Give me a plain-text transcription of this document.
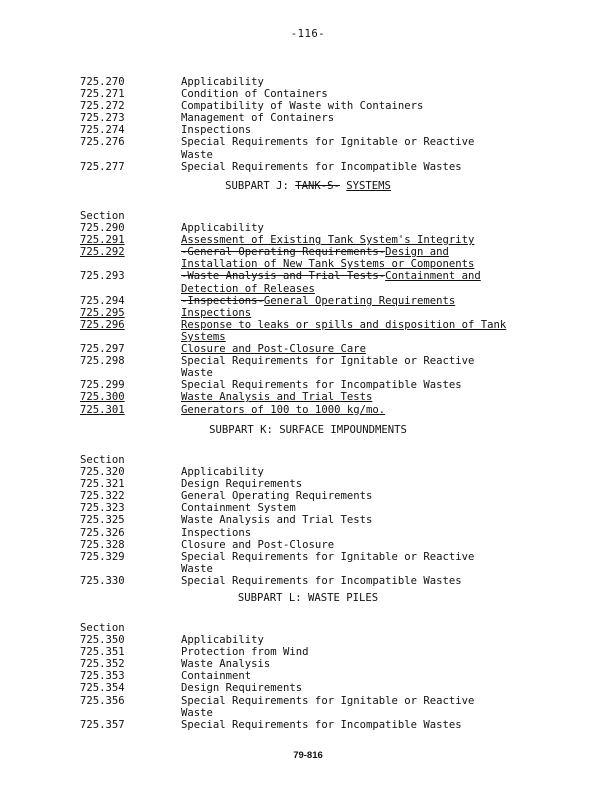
-116-
725.270	Applicability
725.271	Condition of Containers
725.272	Compatibility of Waste with Containers
725.273	Management of Containers
725.274	Inspections
725.276	Special Requirements for Ignitable or Reactive
Waste
725.277	Special Requirements for Incompatible Wastes
SUBPART J: TANK-S- SYSTEMS
Section
725.290	Applicability
725.291	Assessment of Existing Tank System's Integrity
725.292	-General Operating Requirements-Design and
Installation of New Tank Systems or Components
725.293	-Waste Analysis and Trial Tests-Containment and
Detection of Releases
725.294	-Inspections-General Operating Requirements
725.295	Inspections
725.296	Response to leaks or spills and disposition of Tank
Systems
725.297	Closure and Post-Closure Care
725.298	Special Requirements for Ignitable or Reactive
Waste
725.299	Special Requirements for Incompatible Wastes
725.300	Waste Analysis and Trial Tests
725.301	Generators of 100 to 1000 kg/mo.
SUBPART K: SURFACE IMPOUNDMENTS
Section
725.320	Applicability
725.321	Design Requirements
725.322	General Operating Requirements
725.323	Containment System
725.325	Waste Analysis and Trial Tests
725.326	Inspections
725.328	Closure and Post-Closure
725.329	Special Requirements for Ignitable or Reactive
Waste
725.330	Special Requirements for Incompatible Wastes
SUBPART L: WASTE PILES
Section
725.350	Applicability
725.351	Protection from Wind
725.352	Waste Analysis
725.353	Containment
725.354	Design Requirements
725.356	Special Requirements for Ignitable or Reactive
Waste
725.357	Special Requirements for Incompatible Wastes
79-816
